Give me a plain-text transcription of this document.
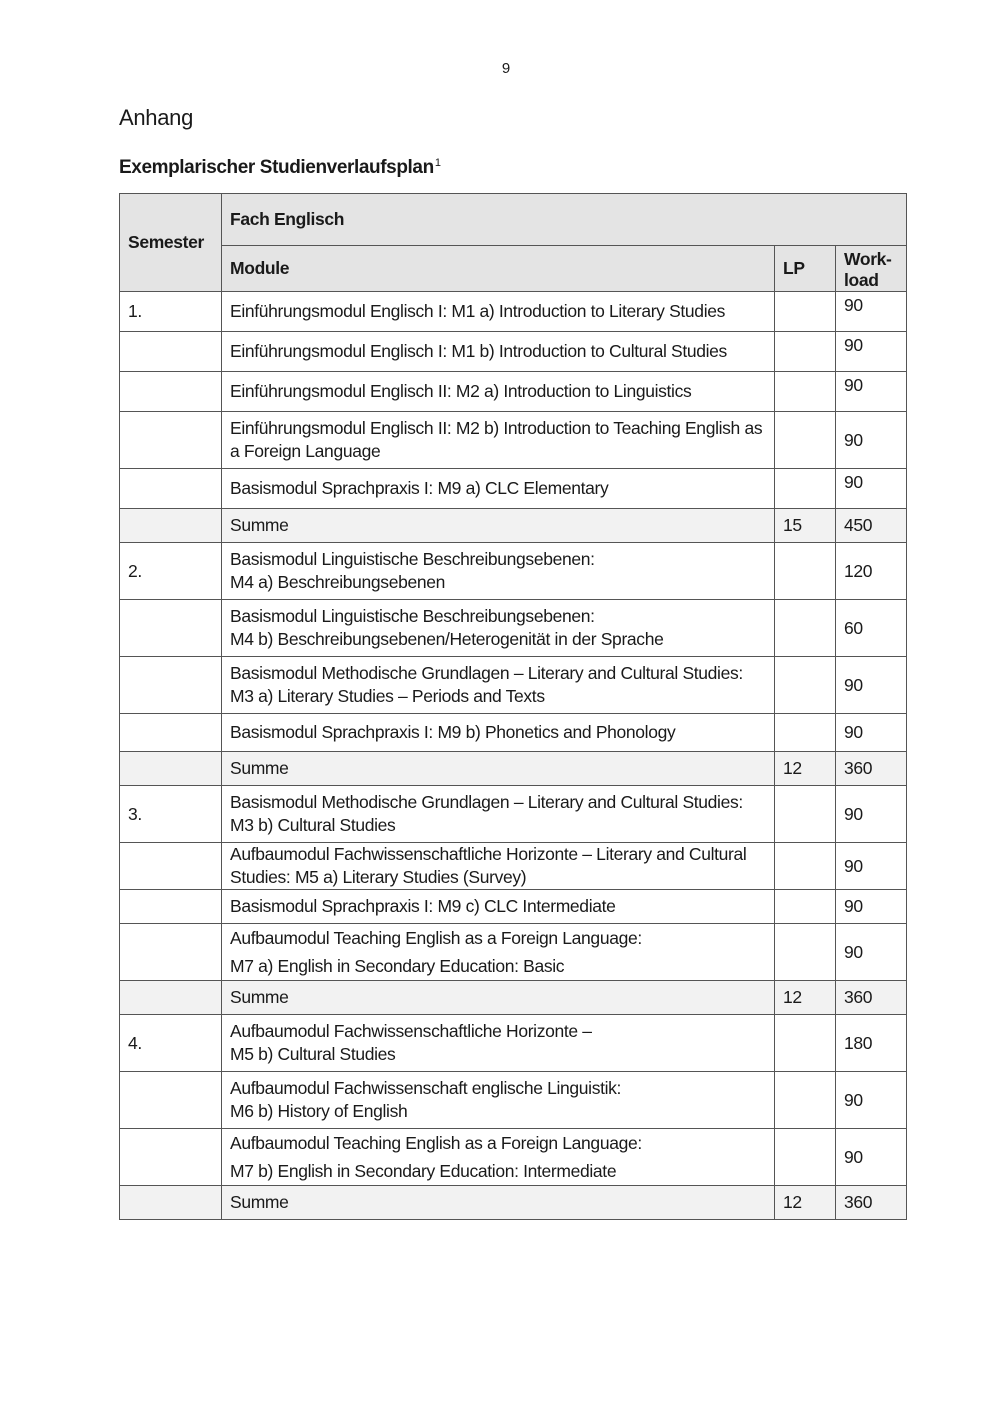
9
Anhang
Exemplarischer Studienverlaufsplan$^1$
Semester	Fach Englisch		
	Module	LP	Work-load
1.	Einführungsmodul Englisch I: M1 a) Introduction to Literary Studies		90

	Einführungsmodul Englisch I: M1 b) Introduction to Cultural Studies		90

	Einführungsmodul Englisch II: M2 a) Introduction to Linguistics		90

	Einführungsmodul Englisch II: M2 b) Introduction to Teaching English as a Foreign Language		90

	Basismodul Sprachpraxis I: M9 a) CLC Elementary		90
	Summe	15	450
2.	Basismodul Linguistische Beschreibungsebenen:
M4 a) Beschreibungsebenen		120

	Basismodul Linguistische Beschreibungsebenen:
M4 b) Beschreibungsebenen/Heterogenität in der Sprache		60

	Basismodul Methodische Grundlagen – Literary and Cultural Studies:
M3 a) Literary Studies – Periods and Texts		90

	Basismodul Sprachpraxis I: M9 b) Phonetics and Phonology		90
	Summe	12	360
3.	Basismodul Methodische Grundlagen – Literary and Cultural Studies:
M3 b) Cultural Studies		90

	Aufbaumodul Fachwissenschaftliche Horizonte – Literary and Cultural Studies: M5 a) Literary Studies (Survey)		90

	Basismodul Sprachpraxis I: M9 c) CLC Intermediate		90

	Aufbaumodul Teaching English as a Foreign Language:
M7 a) English in Secondary Education: Basic		90
	Summe	12	360
4.	Aufbaumodul Fachwissenschaftliche Horizonte –
M5 b) Cultural Studies		180

	Aufbaumodul Fachwissenschaft englische Linguistik:
M6 b) History of English		90

	Aufbaumodul Teaching English as a Foreign Language:
M7 b) English in Secondary Education: Intermediate		90
	Summe	12	360
